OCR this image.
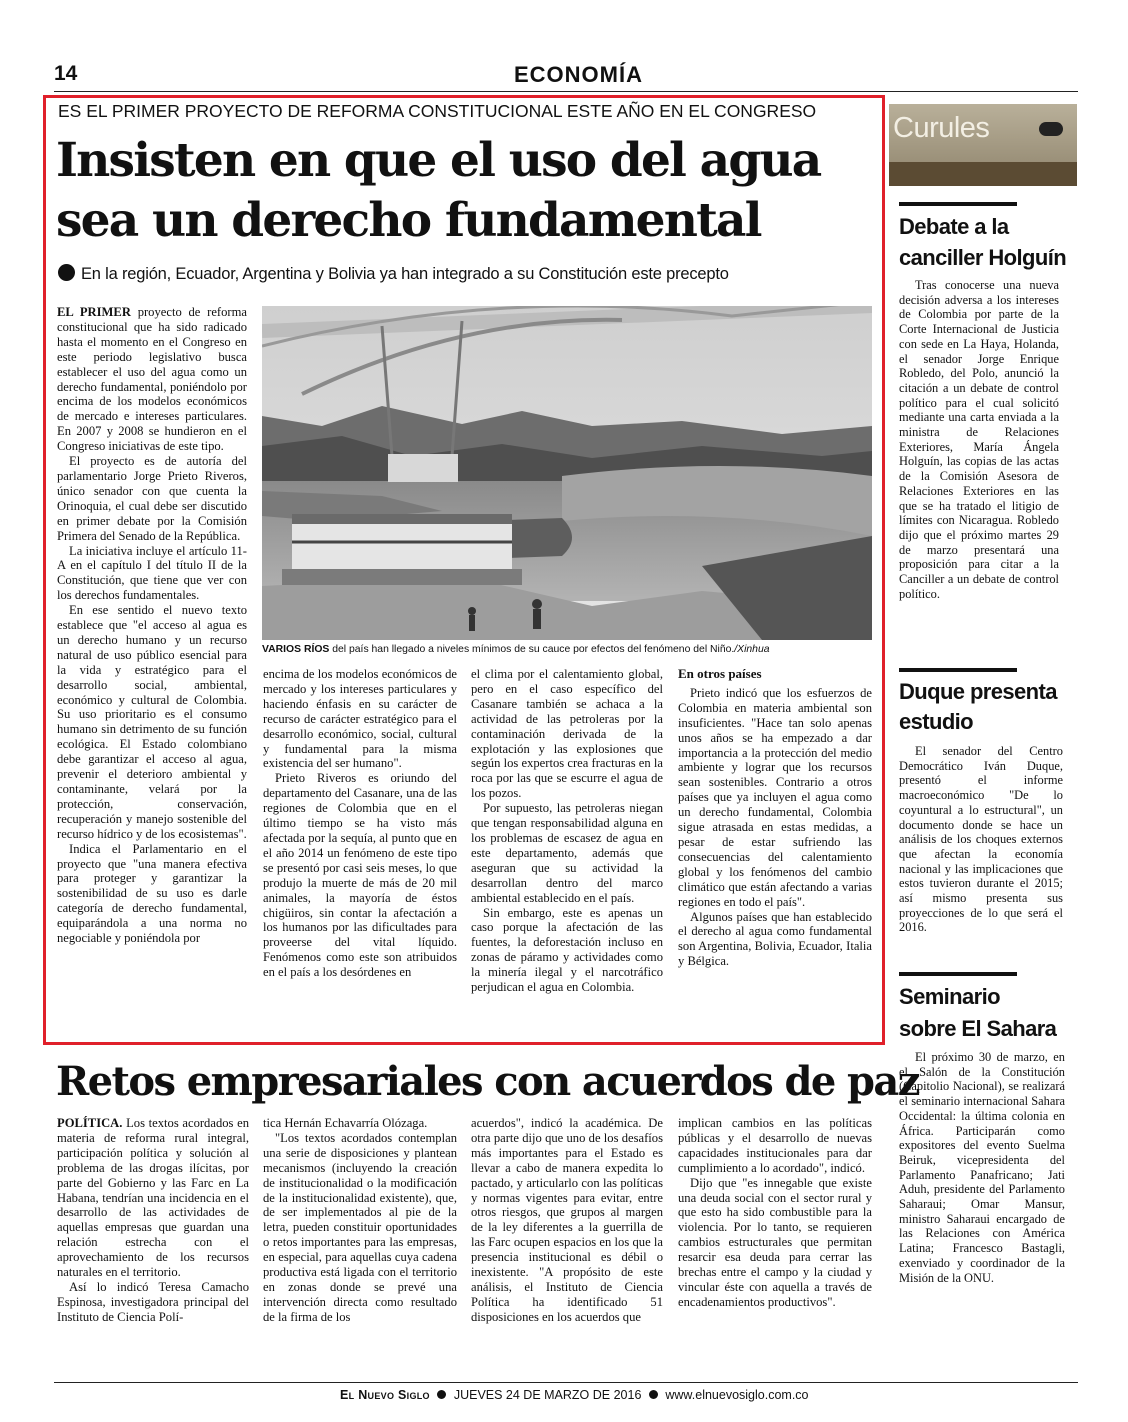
14	ECONOMÍA
ES EL PRIMER PROYECTO DE REFORMA CONSTITUCIONAL ESTE AÑO EN EL CONGRESO
Insisten en que el uso del agua
sea un derecho fundamental
En la región, Ecuador, Argentina y Bolivia ya han integrado a su Constitución este precepto
VARIOS RÍOS del país han llegado a niveles mínimos de su cauce por efectos del fenómeno del Niño./Xinhua

EL PRIMER proyecto de reforma constitucional que ha sido radicado hasta el momento en el Congreso en este periodo legislativo busca establecer el uso del agua como un derecho fundamental, poniéndolo por encima de los modelos económicos de mercado e intereses particulares. En 2007 y 2008 se hundieron en el Congreso iniciativas de este tipo.

El proyecto es de autoría del parlamentario Jorge Prieto Riveros, único senador con que cuenta la Orinoquia, el cual debe ser discutido en primer debate por la Comisión Primera del Senado de la República.

La iniciativa incluye el artículo 11-A en el capítulo I del título II de la Constitución, que tiene que ver con los derechos fundamentales.

En ese sentido el nuevo texto establece que "el acceso al agua es un derecho humano y un recurso natural de uso público esencial para la vida y estratégico para el desarrollo social, ambiental, económico y cultural de Colombia. Su uso prioritario es el consumo humano sin detrimento de su función ecológica. El Estado colombiano debe garantizar el acceso al agua, prevenir el deterioro ambiental y contaminante, velará por la protección, conservación, recuperación y manejo sostenible del recurso hídrico y de los ecosistemas".

Indica el Parlamentario en el proyecto que "una manera efectiva para proteger y garantizar la sostenibilidad de su uso es darle categoría de derecho fundamental, equiparándola a una norma no negociable y poniéndola por

encima de los modelos económicos de mercado y los intereses particulares y haciendo énfasis en su carácter de recurso de carácter estratégico para el desarrollo económico, social, cultural y fundamental para la misma existencia del ser humano".

Prieto Riveros es oriundo del departamento del Casanare, una de las regiones de Colombia que en el último tiempo se ha visto más afectada por la sequía, al punto que en el año 2014 un fenómeno de este tipo se presentó por casi seis meses, lo que produjo la muerte de más de 20 mil animales, la mayoría de éstos chigüiros, sin contar la afectación a los humanos por las dificultades para proveerse del vital líquido. Fenómenos como este son atribuidos en el país a los desórdenes en

el clima por el calentamiento global, pero en el caso específico del Casanare también se achaca a la actividad de las petroleras por la contaminación derivada de la explotación y las explosiones que según los expertos crea fracturas en la roca por las que se escurre el agua de los pozos.

Por supuesto, las petroleras niegan que tengan responsabilidad alguna en los problemas de escasez de agua en este departamento, además que aseguran que su actividad la desarrollan dentro del marco ambiental establecido en el país.

Sin embargo, este es apenas un caso porque la afectación de las fuentes, la deforestación incluso en zonas de páramo y actividades como la minería ilegal y el narcotráfico perjudican el agua en Colombia.

En otros países

Prieto indicó que los esfuerzos de Colombia en materia ambiental son insuficientes. "Hace tan solo apenas unos años se ha empezado a dar importancia a la protección del medio ambiente y lograr que los recursos sean sostenibles. Contrario a otros países que ya incluyen el agua como un derecho fundamental, Colombia sigue atrasada en estas medidas, a pesar de estar sufriendo las consecuencias del calentamiento global y los fenómenos del cambio climático que están afectando a varias regiones en todo el país".

Algunos países que han establecido el derecho al agua como fundamental son Argentina, Bolivia, Ecuador, Italia y Bélgica.

Curules
Debate a la
canciller Holguín

Tras conocerse una nueva decisión adversa a los intereses de Colombia por parte de la Corte Internacional de Justicia con sede en La Haya, Holanda, el senador Jorge Enrique Robledo, del Polo, anunció la citación a un debate de control político para el cual solicitó mediante una carta enviada a la ministra de Relaciones Exteriores, María Ángela Holguín, las copias de las actas de la Comisión Asesora de Relaciones Exteriores en las que se ha tratado el litigio de límites con Nicaragua. Robledo dijo que el próximo martes 29 de marzo presentará una proposición para citar a la Canciller a un debate de control político.

Duque presenta
estudio

El senador del Centro Democrático Iván Duque, presentó el informe macroeconómico "De lo coyuntural a lo estructural", un documento donde se hace un análisis de los choques externos que afectan la economía nacional y las implicaciones que estos tuvieron durante el 2015; así mismo presenta sus proyecciones de lo que será el 2016.

Seminario
sobre El Sahara

El próximo 30 de marzo, en el Salón de la Constitución (Capitolio Nacional), se realizará el seminario internacional Sahara Occidental: la última colonia en África. Participarán como expositores del evento Suelma Beiruk, vicepresidenta del Parlamento Panafricano; Jati Aduh, presidente del Parlamento Saharaui; Omar Mansur, ministro Saharaui encargado de las Relaciones con América Latina; Francesco Bastagli, exenviado y coordinador de la Misión de la ONU.

Retos empresariales con acuerdos de paz

POLÍTICA. Los textos acordados en materia de reforma rural integral, participación política y solución al problema de las drogas ilícitas, por parte del Gobierno y las Farc en La Habana, tendrían una incidencia en el desarrollo de las actividades de aquellas empresas que guardan una relación estrecha con el aprovechamiento de los recursos naturales en el territorio.

Así lo indicó Teresa Camacho Espinosa, investigadora principal del Instituto de Ciencia Polí-

tica Hernán Echavarría Olózaga.

"Los textos acordados contemplan una serie de disposiciones y plantean mecanismos (incluyendo la creación de institucionalidad o la modificación de la institucionalidad existente), que, de ser implementados al pie de la letra, pueden constituir oportunidades o retos importantes para las empresas, en especial, para aquellas cuya cadena productiva está ligada con el territorio en zonas donde se prevé una intervención directa como resultado de la firma de los

acuerdos", indicó la académica. De otra parte dijo que uno de los desafíos más importantes para el Estado es llevar a cabo de manera expedita lo pactado, y articularlo con las políticas y normas vigentes para evitar, entre otros riesgos, que grupos al margen de la ley diferentes a la guerrilla de las Farc ocupen espacios en los que la presencia institucional es débil o inexistente. "A propósito de este análisis, el Instituto de Ciencia Política ha identificado 51 disposiciones en los acuerdos que

implican cambios en las políticas públicas y el desarrollo de nuevas capacidades institucionales para dar cumplimiento a lo acordado", indicó.

Dijo que "es innegable que existe una deuda social con el sector rural y que esto ha sido combustible para la violencia. Por lo tanto, se requieren cambios estructurales que permitan resarcir esa deuda para cerrar las brechas entre el campo y la ciudad y vincular éste con aquella a través de encadenamientos productivos".

El Nuevo Siglo JUEVES 24 DE MARZO DE 2016 www.elnuevosiglo.com.co
